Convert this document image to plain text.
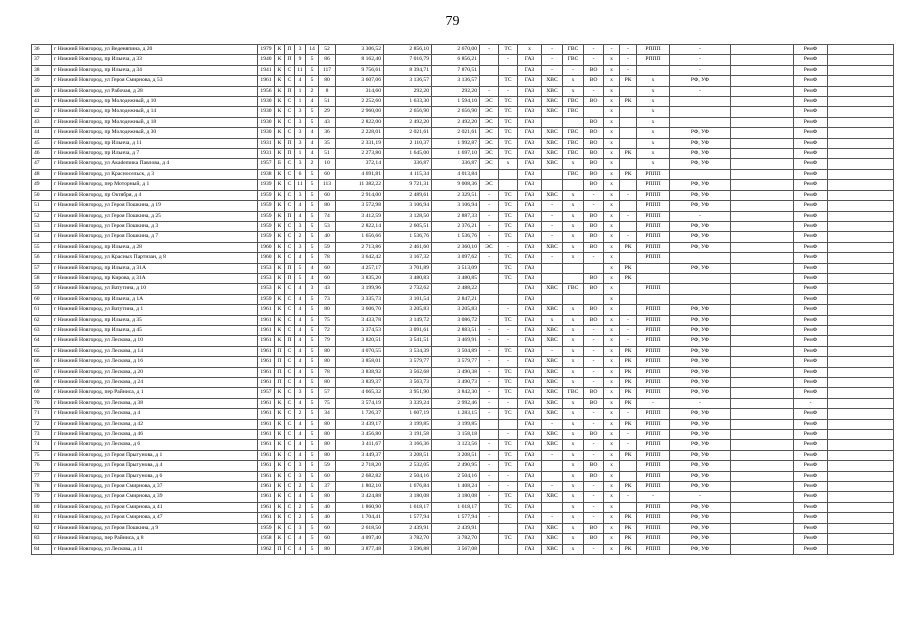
79
36	г Нижний Новгород, ул Веденяпина, д 20	1979	К	П	3	14	52	3 306,52	2 856,10	2 670,00	-	ТС	х	-	ГВС	-	-	-	РППП	-		РемФ	
37	г Нижний Новгород, пр Ильича, д 33	1940	К	П	9	5	86	8 162,40	7 016,79	6 856,21		-	ГАЗ	-	ГВС	-	х	-	РППП	-		РемФ	
38	г Нижний Новгород, пр Ильича, д 34	1941	К	С	11	5	117	9 756,61	8 394,71	7 870,51			ГАЗ	-	-	ВО	х	-		-		РемФ	
39	г Нижний Новгород, ул Героя Смирнова, д 53	1961	К	С	4	5	80	3 607,06	3 136,57	3 136,57		ТС	ГАЗ	ХВС	х	ВО	х	РК	х	РФ, УФ		РемФ	
40	г Нижний Новгород, ул Рабочая, д 28	1956	К	П	1	2	8	314,60	292,20	292,20	-	-	ГАЗ	ХВС	х	-	х		х	-		РемФ	
41	г Нижний Новгород, пр Молодежный, д 10	1930	К	С	1	4	51	2 252,60	1 633,30	1 594,10	ЭС	ТС	ГАЗ	ХВС	ГВС	ВО	х	РК	х			РемФ	
42	г Нижний Новгород, пр Молодежный, д 14	1930	К	С	3	5	29	2 960,00	2 656,90	2 656,90	ЭС	ТС	ГАЗ	ХВС	ГВС		х		х			РемФ	
43	г Нижний Новгород, пр Молодежный, д 18	1930	К	С	3	5	43	2 822,00	2 492,20	2 492,20	ЭС	ТС	ГАЗ			ВО	х		х			РемФ	
44	г Нижний Новгород, пр Молодежный, д 30	1930	К	С	3	4	36	2 228,01	2 021,61	2 021,61	ЭС	ТС	ГАЗ	ХВС	ГВС	ВО	х		х	РФ, УФ		РемФ	
45	г Нижний Новгород, пр Ильича, д 11	1931	К	П	3	4	35	2 331,19	2 110,37	1 992,87	ЭС	ТС	ГАЗ	ХВС	ГВС	ВО	х		х	РФ, УФ		РемФ	
46	г Нижний Новгород, пр Ильича, д 7	1931	К	П	1	4	51	2 273,80	1 645,00	1 697,10	ЭС	ТС	ГАЗ	ХВС	ГВС	ВО	х	РК	х	РФ, УФ		РемФ	
47	г Нижний Новгород, ул Акademика Павлова, д 4	1957	Б	С	3	2	10	372,14	336,87	336,87	ЭС	х	ГАЗ	ХВС	х	ВО	х		х	РФ, УФ		РемФ	
48	г Нижний Новгород, ул Красносельск, д 3	1938	К	С	6	5	60	4 691,81	4 115,34	4 013,84			ГАЗ		ГВС	ВО	х	РК	РППП			РемФ	
49	г Нижний Новгород, пер Моторный, д 1	1939	К	С	11	5	113	11 382,22	9 721,31	9 008,36	ЭС		ГАЗ			ВО	х		РППП	РФ, УФ		РемФ	
50	г Нижний Новгород, пр Октября, д 4	1959	К	С	3	5	60	2 914,00	2 489,61	2 329,51	-	ТС	ГАЗ	ХВС	х	-	х	-	РППП	РФ, УФ		РемФ	
51	г Нижний Новгород, ул Героя Пошкина, д 19	1959	К	С	4	5	80	3 572,98	3 106,94	3 106,94	-	ТС	ГАЗ	-	х	-	х		РППП	РФ, УФ		РемФ	
52	г Нижний Новгород, ул Героя Пошкина, д 25	1959	К	П	4	5	74	3 412,59	3 128,50	2 887,33	-	ТС	ГАЗ	-	х	ВО	х	-	РППП	-		РемФ	
53	г Нижний Новгород, ул Героя Пошкина, д 3	1959	К	С	3	5	53	2 822,14	2 605,51	2 376,21	-	ТС	ГАЗ	-	х	ВО	х		РППП	РФ, УФ		РемФ	
54	г Нижний Новгород, ул Героя Пошкина, д 7	1959	К	С	2	5	40	1 656,66	1 536,76	1 536,76	-	ТС	ГАЗ	-	х	ВО	х	-	РППП	РФ, УФ		РемФ	
55	г Нижний Новгород, пр Ильича, д 28	1960	К	С	3	5	59	2 713,86	2 461,60	2 360,10	ЭС	-	ГАЗ	ХВС	х	ВО	х	РК	РППП	РФ, УФ		РемФ	
56	г Нижний Новгород, ул Красных Партизан, д 8	1960	К	С	4	5	78	3 642,42	3 167,32	3 097,62	-	ТС	ГАЗ	-	х	-	х		РППП			РемФ	
57	г Нижний Новгород, пр Ильича, д 31А	1953	К	П	5	4	60	4 257,17	3 701,89	3 513,09		ТС	ГАЗ				х	РК		РФ, УФ		РемФ	
58	г Нижний Новгород, пр Кирова, д 31А	1953	К	П	5	4	60	3 835,20	3 480,83	3 480,85		ТС	ГАЗ			ВО	х	РК				РемФ	
59	г Нижний Новгород, ул Ватутина, д 10	1953	К	С	4	3	43	3 199,96	2 732,62	2 488,22			ГАЗ	ХВС	ГВС	ВО	х		РППП			РемФ	
60	г Нижний Новгород, пр Ильича, д 1А	1959	К	С	4	5	73	3 335,73	3 101,54	2 847,21			ГАЗ				х					РемФ	
61	г Нижний Новгород, ул Ватутина, д 1	1961	К	С	4	5	80	3 606,70	3 205,83	3 205,83		-	ГАЗ	ХВС	х	ВО	х		РППП	РФ, УФ		РемФ	
62	г Нижний Новгород, пр Ильича, д 35	1961	К	С	4	5	75	3 433,78	3 149,72	3 086,72		ТС	ГАЗ	х	х	ВО	х	-	РППП	РФ, УФ		РемФ	
63	г Нижний Новгород, пр Ильича, д 45	1961	К	С	4	5	72	3 374,53	3 091,61	2 883,51	-	-	ГАЗ	ХВС	х	-	х	-	РППП	РФ, УФ		РемФ	
64	г Нижний Новгород, ул Лескова, д 10	1961	К	П	4	5	79	3 820,51	3 541,51	3 469,91	-	-	ГАЗ	ХВС	х	-	х	-	РППП	РФ, УФ		РемФ	
65	г Нижний Новгород, ул Лескова, д 14	1961	П	С	4	5	80	4 070,55	3 534,39	3 504,89	-	ТС	ГАЗ	-	х	-	х	РК	РППП	РФ, УФ		РемФ	
66	г Нижний Новгород, ул Лескова, д 16	1961	П	С	4	5	80	3 858,01	3 579,77	3 579,77	-	-	ГАЗ	ХВС	х	-	х	РК	РППП	РФ, УФ		РемФ	
67	г Нижний Новгород, ул Лескова, д 20	1961	П	С	4	5	78	3 838,92	3 562,68	3 490,38	-	ТС	ГАЗ	ХВС	х	-	х	РК	РППП	РФ, УФ		РемФ	
68	г Нижний Новгород, ул Лескова, д 24	1961	П	С	4	5	80	3 839,37	3 563,73	3 490,73	-	ТС	ГАЗ	ХВС	х	-	х	РК	РППП	РФ, УФ		РемФ	
69	г Нижний Новгород, пер Райниса, д 1	1957	К	С	3	5	57	4 665,32	3 951,90	3 842,30	-	ТС	ГАЗ	ХВС	ГВС	ВО	х	РК	РППП	РФ, УФ		РемФ	
70	г Нижний Новгород, ул Лескова, д 38	1961	К	С	4	5	75	3 574,19	3 339,24	2 992,46	-	-	ГАЗ	ХВС	х	ВО	х	РК	-	-		-	
71	г Нижний Новгород, ул Лескова, д 4	1961	К	С	2	5	34	1 726,37	1 607,19	1 283,15	-	ТС	ГАЗ	ХВС	х	-	х	-	РППП	РФ, УФ		РемФ	
72	г Нижний Новгород, ул Лескова, д 42	1961	К	С	4	5	80	3 439,17	3 199,85	3 199,85			ГАЗ	-	х	-	х	РК	РППП	РФ, УФ		РемФ	
73	г Нижний Новгород, ул Лескова, д 46	1961	К	С	4	5	80	3 456,80	3 191,58	3 158,18		-	ГАЗ	ХВС	х	ВО	х	-	РППП	РФ, УФ		РемФ	
74	г Нижний Новгород, ул Лескова, д 6	1961	К	С	4	5	80	3 411,67	3 166,36	3 123,56	-	ТС	ГАЗ	ХВС	х	-	х	-	РППП	РФ, УФ		РемФ	
75	г Нижний Новгород, ул Героя Прыгунова, д 1	1961	К	С	4	5	80	3 449,37	3 208,51	3 208,51	-	ТС	ГАЗ	-	х	-	х	РК	РППП	РФ, УФ		РемФ	
76	г Нижний Новгород, ул Героя Прыгунова, д 4	1961	К	С	3	5	59	2 718,20	2 532,05	2 490,95	-	ТС	ГАЗ		х	ВО	х		РППП	РФ, УФ		РемФ	
77	г Нижний Новгород, ул Героя Прыгунова, д 6	1961	К	С	3	5	60	2 682,82	2 504,16	2 504,16	-	-	ГАЗ		х	ВО	х		РППП	РФ, УФ		РемФ	
78	г Нижний Новгород, ул Героя Смирнова, д 37	1961	К	С	2	5	37	1 802,10	1 676,84	1 408,24	-	-	ГАЗ	-	х	-	х	РК	РППП	РФ, УФ		РемФ	
79	г Нижний Новгород, ул Героя Смирнова, д 39	1961	К	С	4	5	80	3 424,88	3 180,08	3 180,08	-	ТС	ГАЗ	ХВС	х	-	х	-	-	-		РемФ	
80	г Нижний Новгород, ул Героя Смирнова, д 41	1961	К	С	2	5	40	1 860,90	1 618,17	1 618,17		ТС	ГАЗ		х	-	х		РППП	РФ, УФ		РемФ	
81	г Нижний Новгород, ул Героя Смирнова, д 47	1961	К	С	2	5	40	1 704,41	1 577,94	1 577,94	-		ГАЗ	-	х	-	х	РК	РППП	РФ, УФ		РемФ	
82	г Нижний Новгород, ул Героя Пошкина, д 9	1959	К	С	3	5	60	2 618,50	2 439,91	2 439,91			ГАЗ	ХВС	х	ВО	х	РК	РППП	РФ, УФ		РемФ	
83	г Нижний Новгород, пер Райниса, д 8	1958	К	С	4	5	60	4 097,40	3 782,70	3 782,70		ТС	ГАЗ	ХВС	х	ВО	х	РК	РППП	РФ, УФ		РемФ	
84	г Нижний Новгород, ул Лескова, д 11	1962	П	С	4	5	80	3 877,48	3 596,88	3 567,08			ГАЗ	ХВС	х	-	х	РК	РППП	РФ, УФ		РемФ	
